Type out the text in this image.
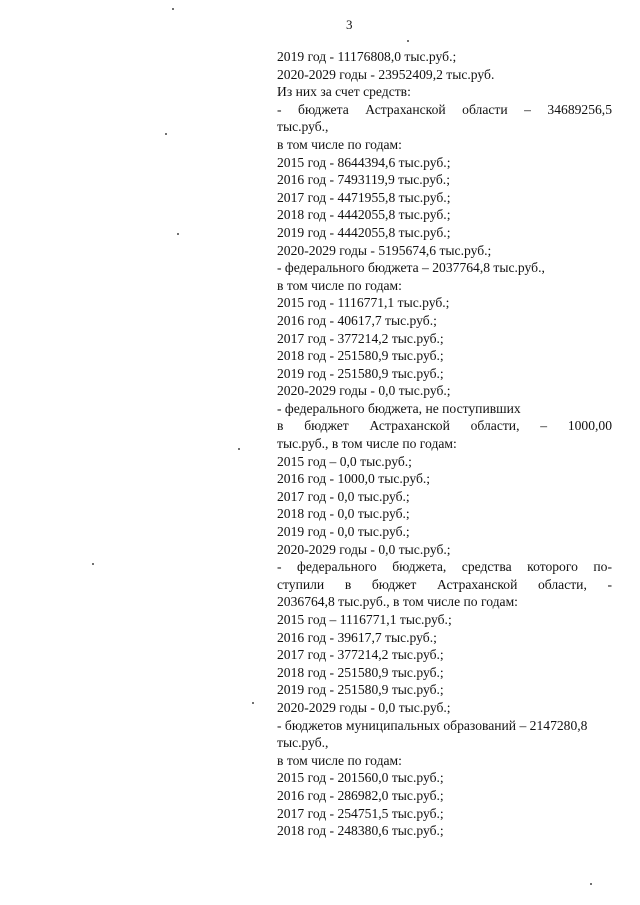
3
2019 год - 11176808,0 тыс.руб.;
2020-2029 годы - 23952409,2 тыс.руб.
Из них за счет средств:
- бюджета Астраханской области – 34689256,5
тыс.руб.,
в том числе по годам:
2015 год - 8644394,6 тыс.руб.;
2016 год - 7493119,9 тыс.руб.;
2017 год - 4471955,8 тыс.руб.;
2018 год - 4442055,8 тыс.руб.;
2019 год - 4442055,8 тыс.руб.;
2020-2029 годы - 5195674,6 тыс.руб.;
- федерального бюджета – 2037764,8 тыс.руб.,
в том числе по годам:
2015 год - 1116771,1 тыс.руб.;
2016 год - 40617,7 тыс.руб.;
2017 год - 377214,2 тыс.руб.;
2018 год - 251580,9 тыс.руб.;
2019 год - 251580,9 тыс.руб.;
2020-2029 годы - 0,0 тыс.руб.;
- федерального бюджета, не поступивших
в бюджет Астраханской области, – 1000,00
тыс.руб., в том числе по годам:
2015 год – 0,0 тыс.руб.;
2016 год - 1000,0 тыс.руб.;
2017 год - 0,0 тыс.руб.;
2018 год - 0,0 тыс.руб.;
2019 год - 0,0 тыс.руб.;
2020-2029 годы - 0,0 тыс.руб.;
- федерального бюджета, средства которого по-
ступили в бюджет Астраханской области, -
2036764,8 тыс.руб., в том числе по годам:
2015 год – 1116771,1 тыс.руб.;
2016 год - 39617,7 тыс.руб.;
2017 год - 377214,2 тыс.руб.;
2018 год - 251580,9 тыс.руб.;
2019 год - 251580,9 тыс.руб.;
2020-2029 годы - 0,0 тыс.руб.;
- бюджетов муниципальных образований – 2147280,8
тыс.руб.,
в том числе по годам:
2015 год - 201560,0 тыс.руб.;
2016 год - 286982,0 тыс.руб.;
2017 год - 254751,5 тыс.руб.;
2018 год - 248380,6 тыс.руб.;
